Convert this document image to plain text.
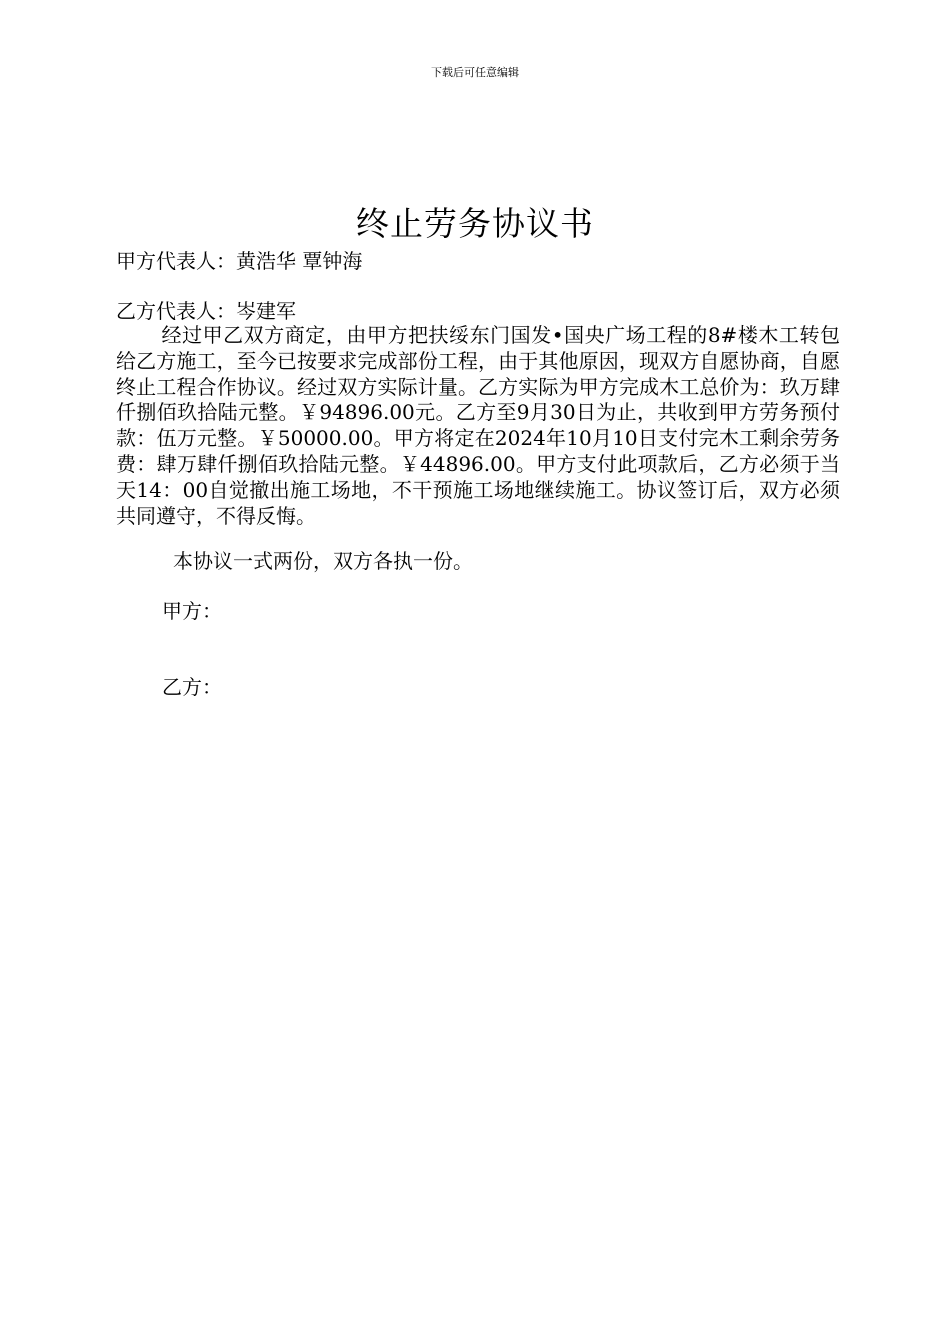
下载后可任意编辑
终止劳务协议书
甲方代表人：黄浩华 覃钟海
乙方代表人：岑建军
经过甲乙双方商定，由甲方把扶绥东门国发•国央广场工程的8#楼木工转包给乙方施工，至今已按要求完成部份工程，由于其他原因，现双方自愿协商，自愿终止工程合作协议。经过双方实际计量。乙方实际为甲方完成木工总价为：玖万肆仟捌佰玖拾陆元整。￥94896.00元。乙方至9月30日为止，共收到甲方劳务预付款：伍万元整。￥50000.00。甲方将定在2024年10月10日支付完木工剩余劳务费：肆万肆仟捌佰玖拾陆元整。￥44896.00。甲方支付此项款后，乙方必须于当天14：00自觉撤出施工场地，不干预施工场地继续施工。协议签订后，双方必须共同遵守，不得反悔。
本协议一式两份，双方各执一份。
甲方：
乙方：
